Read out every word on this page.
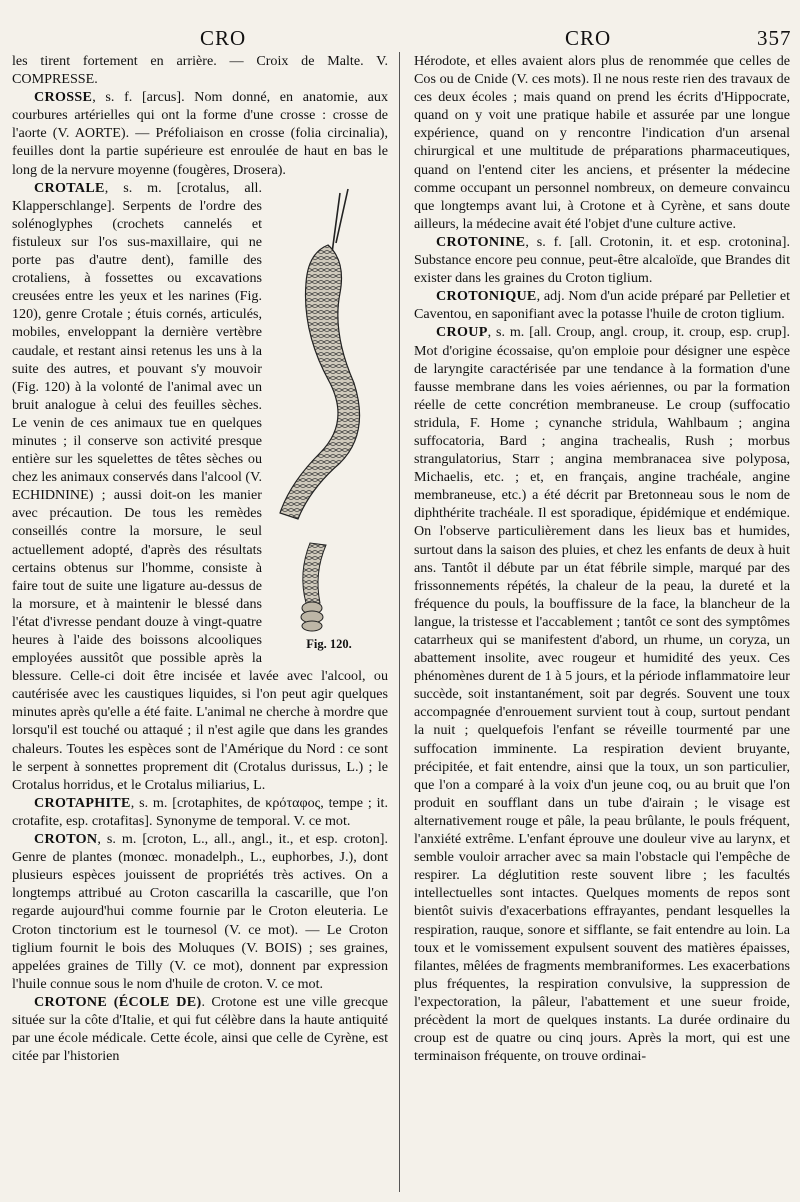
CRO	CRO	357

les tirent fortement en arrière. — Croix de Malte. V. COMPRESSE.

CROSSE, s. f. [arcus]. Nom donné, en anatomie, aux courbures artérielles qui ont la forme d'une crosse : crosse de l'aorte (V. AORTE). — Préfoliaison en crosse (folia circinalia), feuilles dont la partie supérieure est enroulée de haut en bas le long de la nervure moyenne (fougères, Drosera).

Fig. 120.

CROTALE, s. m. [crotalus, all. Klapperschlange]. Serpents de l'ordre des solénoglyphes (crochets cannelés et fistuleux sur l'os sus-maxillaire, qui ne porte pas d'autre dent), famille des crotaliens, à fossettes ou excavations creusées entre les yeux et les narines (Fig. 120), genre Crotale ; étuis cornés, articulés, mobiles, enveloppant la dernière vertèbre caudale, et restant ainsi retenus les uns à la suite des autres, et pouvant s'y mouvoir (Fig. 120) à la volonté de l'animal avec un bruit analogue à celui des feuilles sèches. Le venin de ces animaux tue en quelques minutes ; il conserve son activité presque entière sur les squelettes de têtes sèches ou chez les animaux conservés dans l'alcool (V. ECHIDNINE) ; aussi doit-on les manier avec précaution. De tous les remèdes conseillés contre la morsure, le seul actuellement adopté, d'après des résultats certains obtenus sur l'homme, consiste à faire tout de suite une ligature au-dessus de la morsure, et à maintenir le blessé dans l'état d'ivresse pendant douze à vingt-quatre heures à l'aide des boissons alcooliques employées aussitôt que possible après la blessure. Celle-ci doit être incisée et lavée avec l'alcool, ou cautérisée avec les caustiques liquides, si l'on peut agir quelques minutes après qu'elle a été faite. L'animal ne cherche à mordre que lorsqu'il est touché ou attaqué ; il n'est agile que dans les grandes chaleurs. Toutes les espèces sont de l'Amérique du Nord : ce sont le serpent à sonnettes proprement dit (Crotalus durissus, L.) ; le Crotalus horridus, et le Crotalus miliarius, L.

CROTAPHITE, s. m. [crotaphites, de κρόταφος, tempe ; it. crotafite, esp. crotafitas]. Synonyme de temporal. V. ce mot.

CROTON, s. m. [croton, L., all., angl., it., et esp. croton]. Genre de plantes (monœc. monadelph., L., euphorbes, J.), dont plusieurs espèces jouissent de propriétés très actives. On a longtemps attribué au Croton cascarilla la cascarille, que l'on regarde aujourd'hui comme fournie par le Croton eleuteria. Le Croton tinctorium est le tournesol (V. ce mot). — Le Croton tiglium fournit le bois des Moluques (V. BOIS) ; ses graines, appelées graines de Tilly (V. ce mot), donnent par expression l'huile connue sous le nom d'huile de croton. V. ce mot.

CROTONE (ÉCOLE DE). Crotone est une ville grecque située sur la côte d'Italie, et qui fut célèbre dans la haute antiquité par une école médicale. Cette école, ainsi que celle de Cyrène, est citée par l'historien

Hérodote, et elles avaient alors plus de renommée que celles de Cos ou de Cnide (V. ces mots). Il ne nous reste rien des travaux de ces deux écoles ; mais quand on prend les écrits d'Hippocrate, quand on y voit une pratique habile et assurée par une longue expérience, quand on y rencontre l'indication d'un arsenal chirurgical et une multitude de préparations pharmaceutiques, quand on l'entend citer les anciens, et présenter la médecine comme occupant un personnel nombreux, on demeure convaincu que longtemps avant lui, à Crotone et à Cyrène, et sans doute ailleurs, la médecine avait été l'objet d'une culture active.

CROTONINE, s. f. [all. Crotonin, it. et esp. crotonina]. Substance encore peu connue, peut-être alcaloïde, que Brandes dit exister dans les graines du Croton tiglium.

CROTONIQUE, adj. Nom d'un acide préparé par Pelletier et Caventou, en saponifiant avec la potasse l'huile de croton tiglium.

CROUP, s. m. [all. Croup, angl. croup, it. croup, esp. crup]. Mot d'origine écossaise, qu'on emploie pour désigner une espèce de laryngite caractérisée par une tendance à la formation d'une fausse membrane dans les voies aériennes, ou par la formation réelle de cette concrétion membraneuse. Le croup (suffocatio stridula, F. Home ; cynanche stridula, Wahlbaum ; angina suffocatoria, Bard ; angina trachealis, Rush ; morbus strangulatorius, Starr ; angina membranacea sive polyposa, Michaelis, etc. ; et, en français, angine trachéale, angine membraneuse, etc.) a été décrit par Bretonneau sous le nom de diphthérite trachéale. Il est sporadique, épidémique et endémique. On l'observe particulièrement dans les lieux bas et humides, surtout dans la saison des pluies, et chez les enfants de deux à huit ans. Tantôt il débute par un état fébrile simple, marqué par des frissonnements répétés, la chaleur de la peau, la dureté et la fréquence du pouls, la bouffissure de la face, la blancheur de la langue, la tristesse et l'accablement ; tantôt ce sont des symptômes catarrheux qui se manifestent d'abord, un rhume, un coryza, un abattement insolite, avec rougeur et humidité des yeux. Ces phénomènes durent de 1 à 5 jours, et la période inflammatoire leur succède, soit instantanément, soit par degrés. Souvent une toux accompagnée d'enrouement survient tout à coup, surtout pendant la nuit ; quelquefois l'enfant se réveille tourmenté par une suffocation imminente. La respiration devient bruyante, précipitée, et fait entendre, ainsi que la toux, un son particulier, que l'on a comparé à la voix d'un jeune coq, ou au bruit que l'on produit en soufflant dans un tube d'airain ; le visage est alternativement rouge et pâle, la peau brûlante, le pouls fréquent, l'anxiété extrême. L'enfant éprouve une douleur vive au larynx, et semble vouloir arracher avec sa main l'obstacle qui l'empêche de respirer. La déglutition reste souvent libre ; les facultés intellectuelles sont intactes. Quelques moments de repos sont bientôt suivis d'exacerbations effrayantes, pendant lesquelles la respiration, rauque, sonore et sifflante, se fait entendre au loin. La toux et le vomissement expulsent souvent des matières épaisses, filantes, mêlées de fragments membraniformes. Les exacerbations plus fréquentes, la respiration convulsive, la suppression de l'expectoration, la pâleur, l'abattement et une sueur froide, précèdent la mort de quelques instants. La durée ordinaire du croup est de quatre ou cinq jours. Après la mort, qui est une terminaison fréquente, on trouve ordinai-
